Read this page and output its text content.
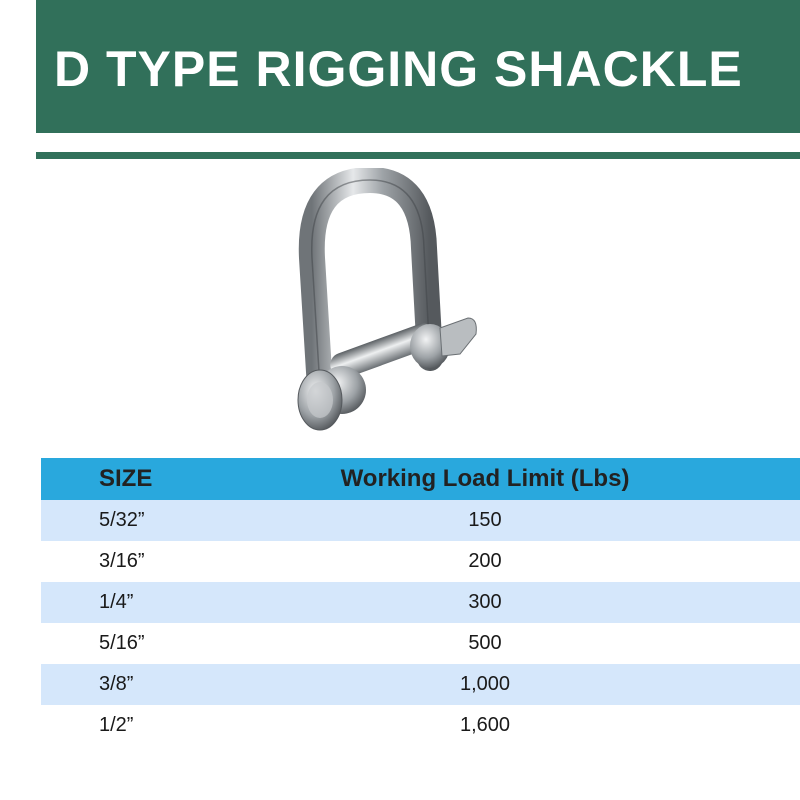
D TYPE RIGGING SHACKLE
SIZE	Working Load Limit (Lbs)
5/32”	150
3/16”	200
1/4”	300
5/16”	500
3/8”	1,000
1/2”	1,600
